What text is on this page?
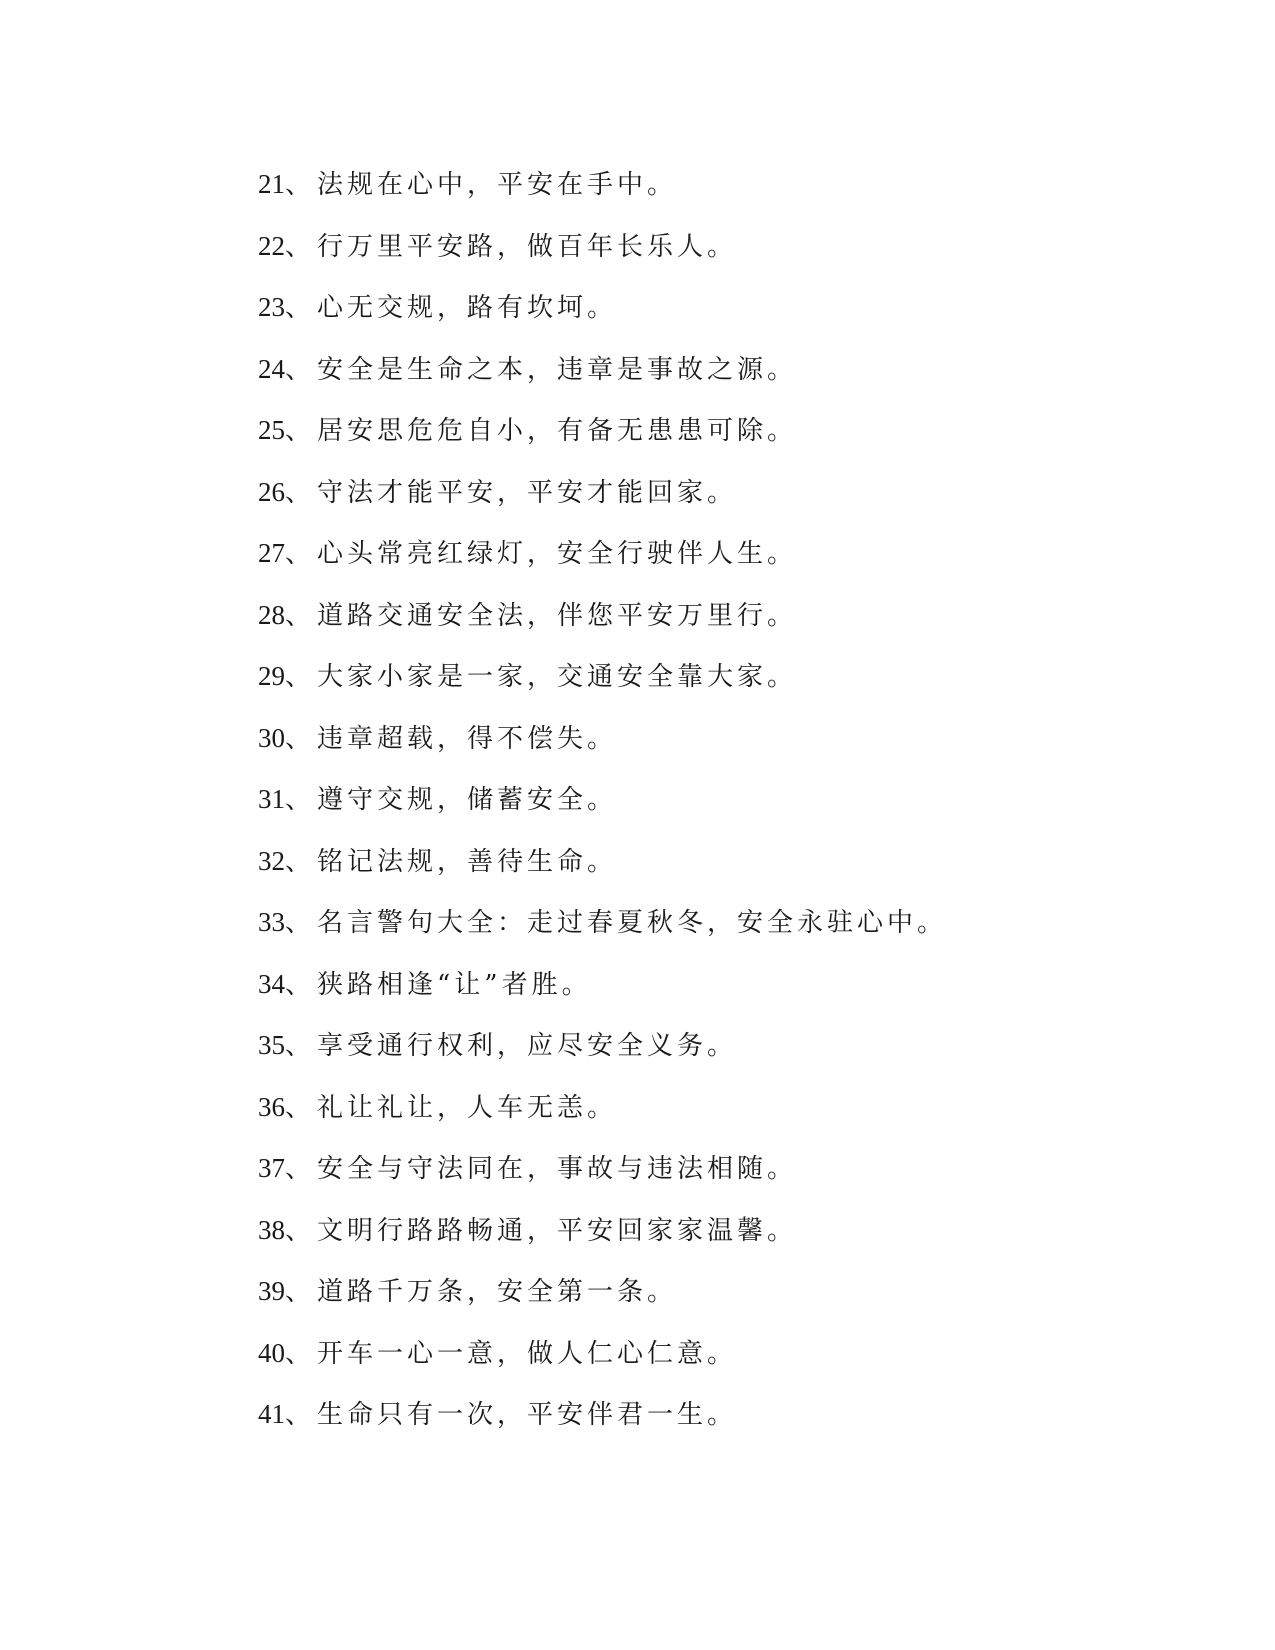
21、法规在心中，平安在手中。
22、行万里平安路，做百年长乐人。
23、心无交规，路有坎坷。
24、安全是生命之本，违章是事故之源。
25、居安思危危自小，有备无患患可除。
26、守法才能平安，平安才能回家。
27、心头常亮红绿灯，安全行驶伴人生。
28、道路交通安全法，伴您平安万里行。
29、大家小家是一家，交通安全靠大家。
30、违章超载，得不偿失。
31、遵守交规，储蓄安全。
32、铭记法规，善待生命。
33、名言警句大全：走过春夏秋冬，安全永驻心中。
34、狭路相逢“让”者胜。
35、享受通行权利，应尽安全义务。
36、礼让礼让，人车无恙。
37、安全与守法同在，事故与违法相随。
38、文明行路路畅通，平安回家家温馨。
39、道路千万条，安全第一条。
40、开车一心一意，做人仁心仁意。
41、生命只有一次，平安伴君一生。
